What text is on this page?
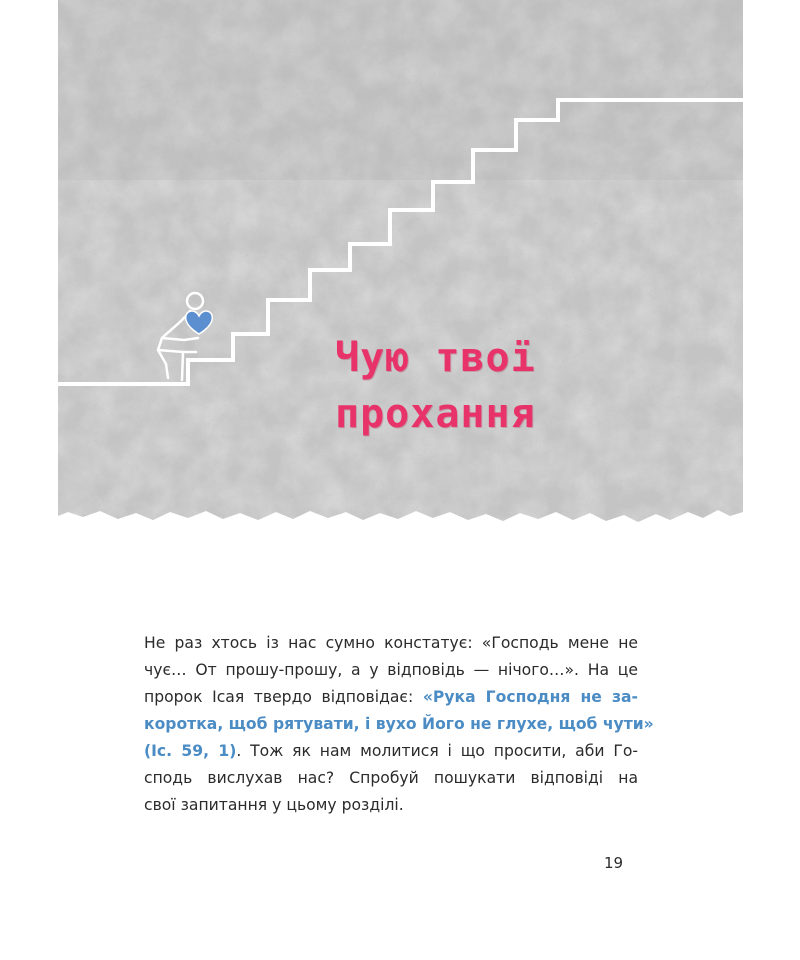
Чую твої
прохання
Не раз хтось із нас сумно констатує: «Господь мене не
чує… От прошу-прошу, а у відповідь — нічого…». На це
пророк Ісая твердо відповідає: «Рука Господня не за-
коротка, щоб рятувати, і вухо Його не глухе, щоб чути»
(Іс. 59, 1). Тож як нам молитися і що просити, аби Го-
сподь вислухав нас? Спробуй пошукати відповіді на
свої запитання у цьому розділі.
19
